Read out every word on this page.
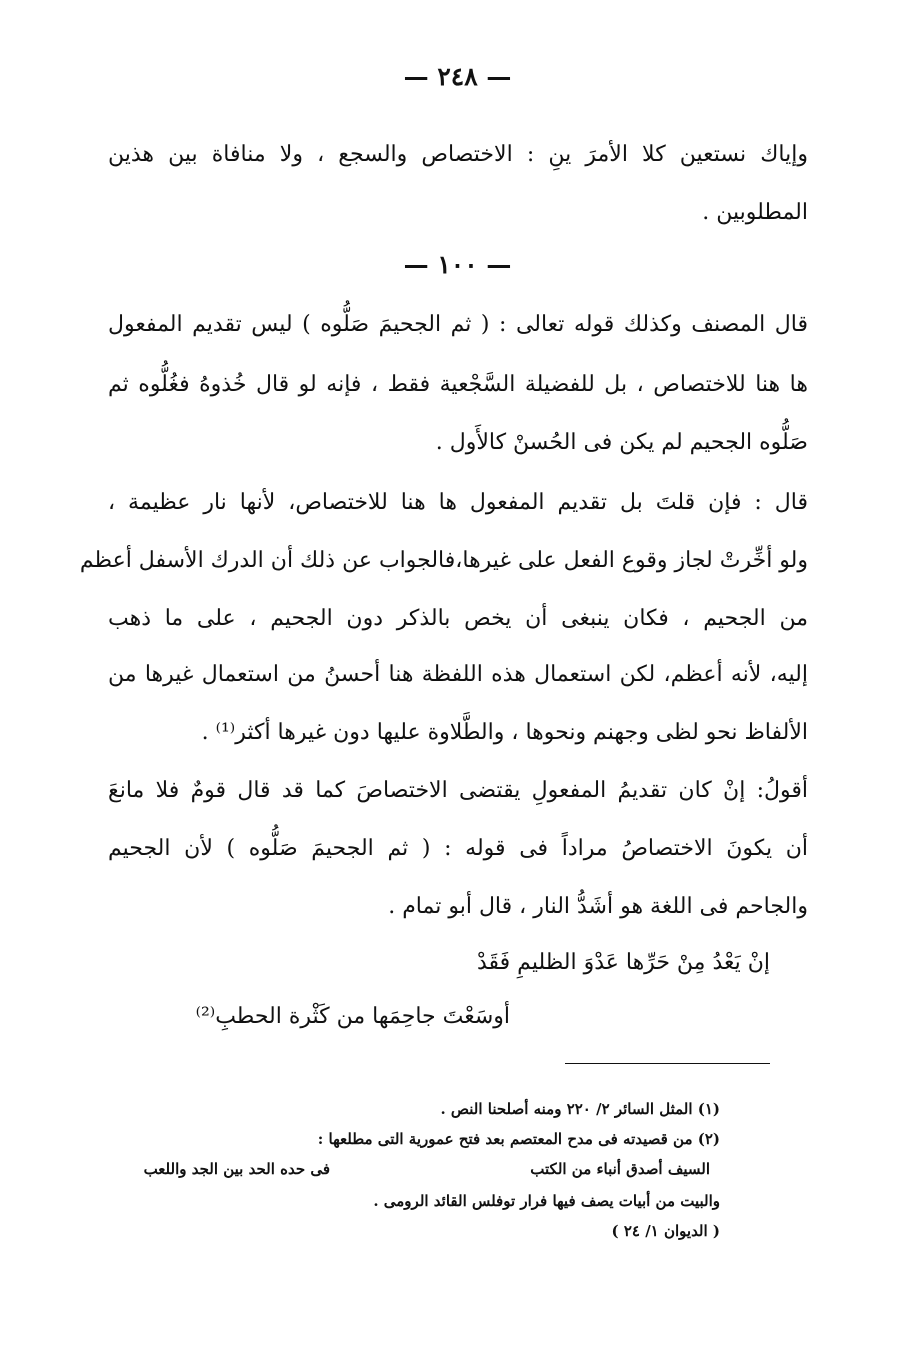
— ٢٤٨ —
وإياك نستعين كلا الأمرَ ينِ : الاختصاص والسجع ، ولا منافاة بين هذين
المطلوبين .
— ١٠٠ —
قال المصنف وكذلك قوله تعالى : ( ثم الجحيمَ صَلُّوه ) ليس تقديم المفعول
ها هنا للاختصاص ، بل للفضيلة السَّجْعية فقط ، فإنه لو قال خُذوهُ فغُلُّوه ثم
صَلُّوه الجحيم لم يكن فى الحُسنْ كالأَول .
قال : فإن قلتَ بل تقديم المفعول ها هنا للاختصاص، لأنها نار عظيمة ،
ولو أخِّرتْ لجاز وقوع الفعل على غيرها،فالجواب عن ذلك أن الدرك الأسفل أعظم
من الجحيم ، فكان ينبغى أن يخص بالذكر دون الجحيم ، على ما ذهب
إليه، لأنه أعظم، لكن استعمال هذه اللفظة هنا أحسنُ من استعمال غيرها من
الألفاظ نحو لظى وجهنم ونحوها ، والطَّلاوة عليها دون غيرها أكثر⁽¹⁾ .
أقولُ: إنْ كان تقديمُ المفعولِ يقتضى الاختصاصَ كما قد قال قومٌ فلا مانعَ
أن يكونَ الاختصاصُ مراداً فى قوله : ( ثم الجحيمَ صَلُّوه ) لأن الجحيم
والجاحم فى اللغة هو أشَدُّ النار ، قال أبو تمام .
إنْ يَعْدُ مِنْ حَرِّها عَدْوَ الظليمِ فَقَدْ
أوسَعْتَ جاحِمَها من كَثْرة الحطبِ⁽²⁾
(١) المثل السائر ٢/ ٢٢٠ ومنه أصلحنا النص .
(٢) من قصيدته فى مدح المعتصم بعد فتح عمورية التى مطلعها :
السيف أصدق أنباء من الكتب
فى حده الحد بين الجد واللعب
والبيت من أبيات يصف فيها فرار توفلس القائد الرومى .
( الديوان ١/ ٢٤ )
